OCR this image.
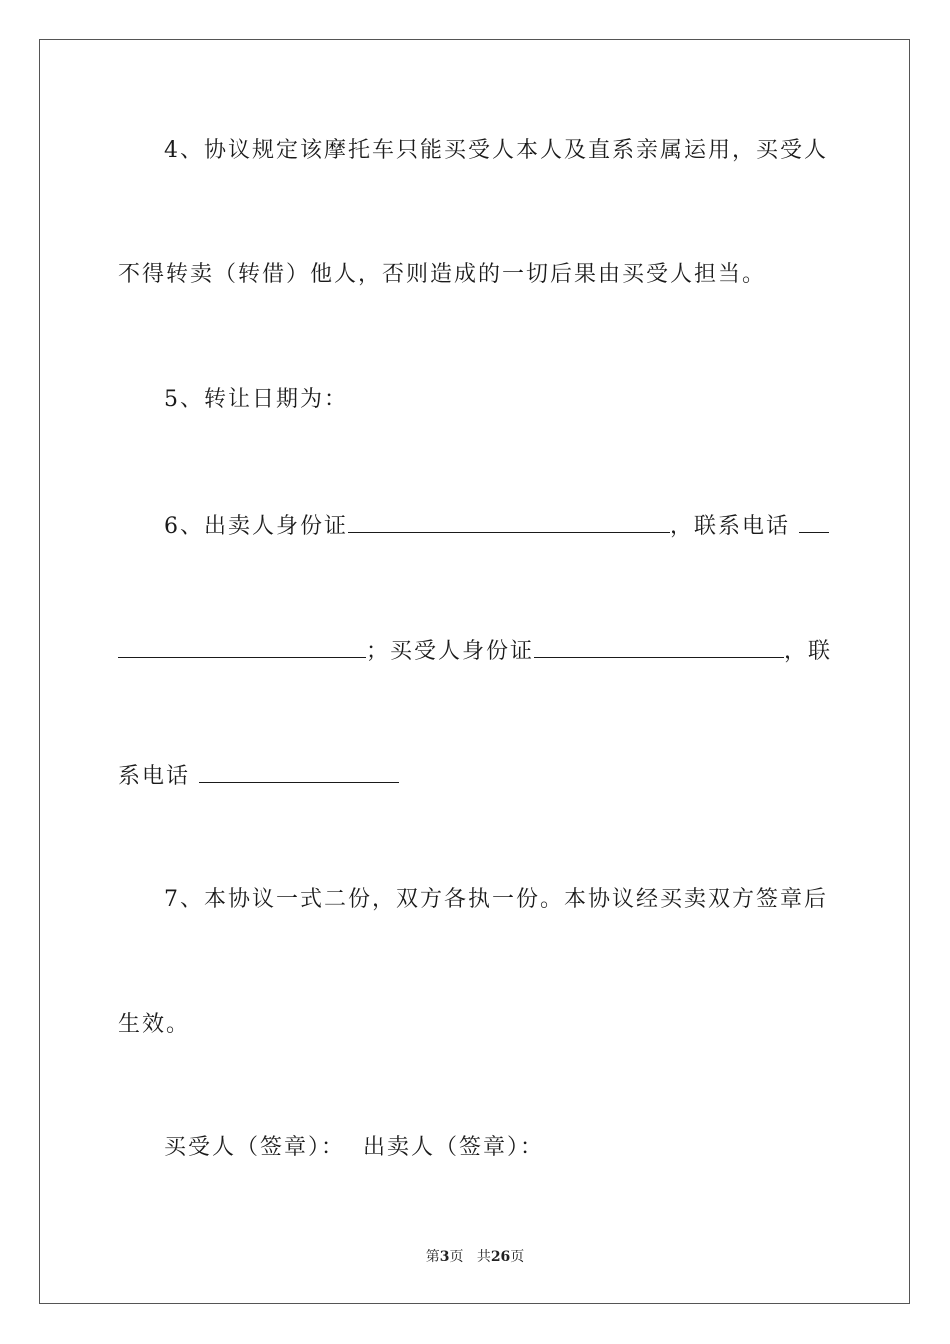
4、协议规定该摩托车只能买受人本人及直系亲属运用，买受人
不得转卖（转借）他人，否则造成的一切后果由买受人担当。
5、转让日期为：
6、出卖人身份证	，联系电话
；买受人身份证	，联
系电话
7、本协议一式二份，双方各执一份。本协议经买卖双方签章后
生效。
买受人（签章）：  出卖人（签章）：
第3页 共26页
